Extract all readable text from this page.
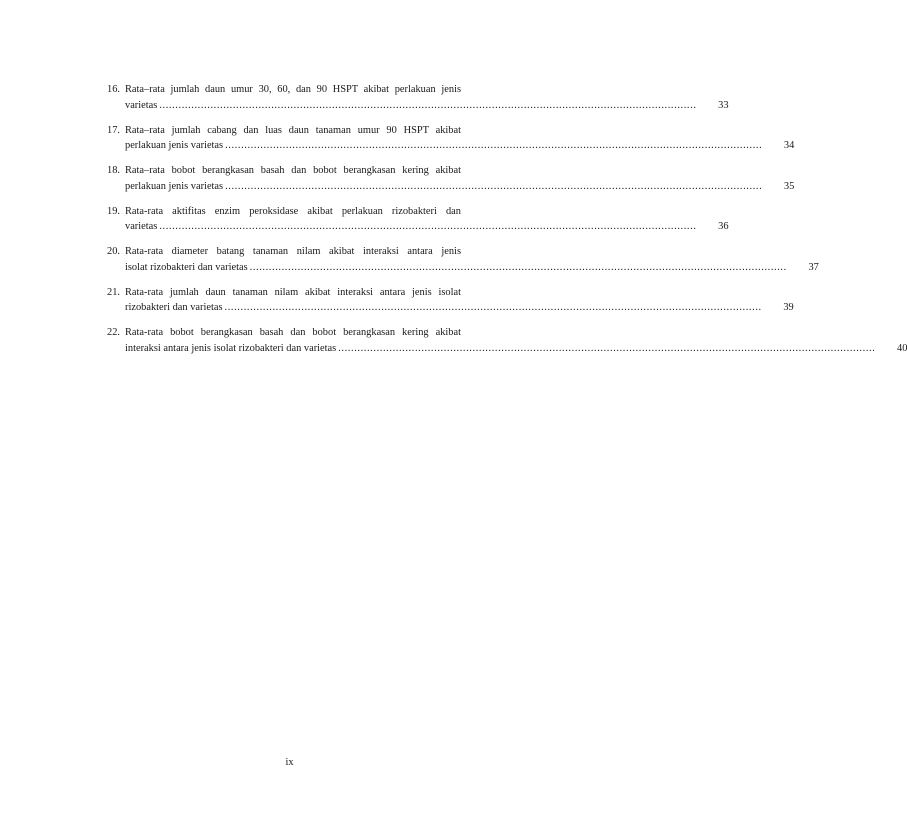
16. Rata–rata jumlah daun umur 30, 60, dan 90 HSPT akibat perlakuan jenis
varietas .....	33
17. Rata–rata jumlah cabang dan luas daun tanaman umur 90 HSPT akibat
perlakuan jenis varietas .....	34
18. Rata–rata bobot berangkasan basah dan bobot berangkasan kering akibat
perlakuan jenis varietas .....	35
19. Rata-rata aktifitas enzim peroksidase akibat perlakuan rizobakteri dan
varietas .....	36
20. Rata-rata diameter batang tanaman nilam akibat interaksi antara jenis
isolat rizobakteri dan varietas .....	37
21. Rata-rata jumlah daun tanaman nilam akibat interaksi antara jenis isolat
rizobakteri dan varietas .....	39
22. Rata-rata bobot berangkasan basah dan bobot berangkasan kering akibat
interaksi antara jenis isolat rizobakteri dan varietas .....	40
ix
